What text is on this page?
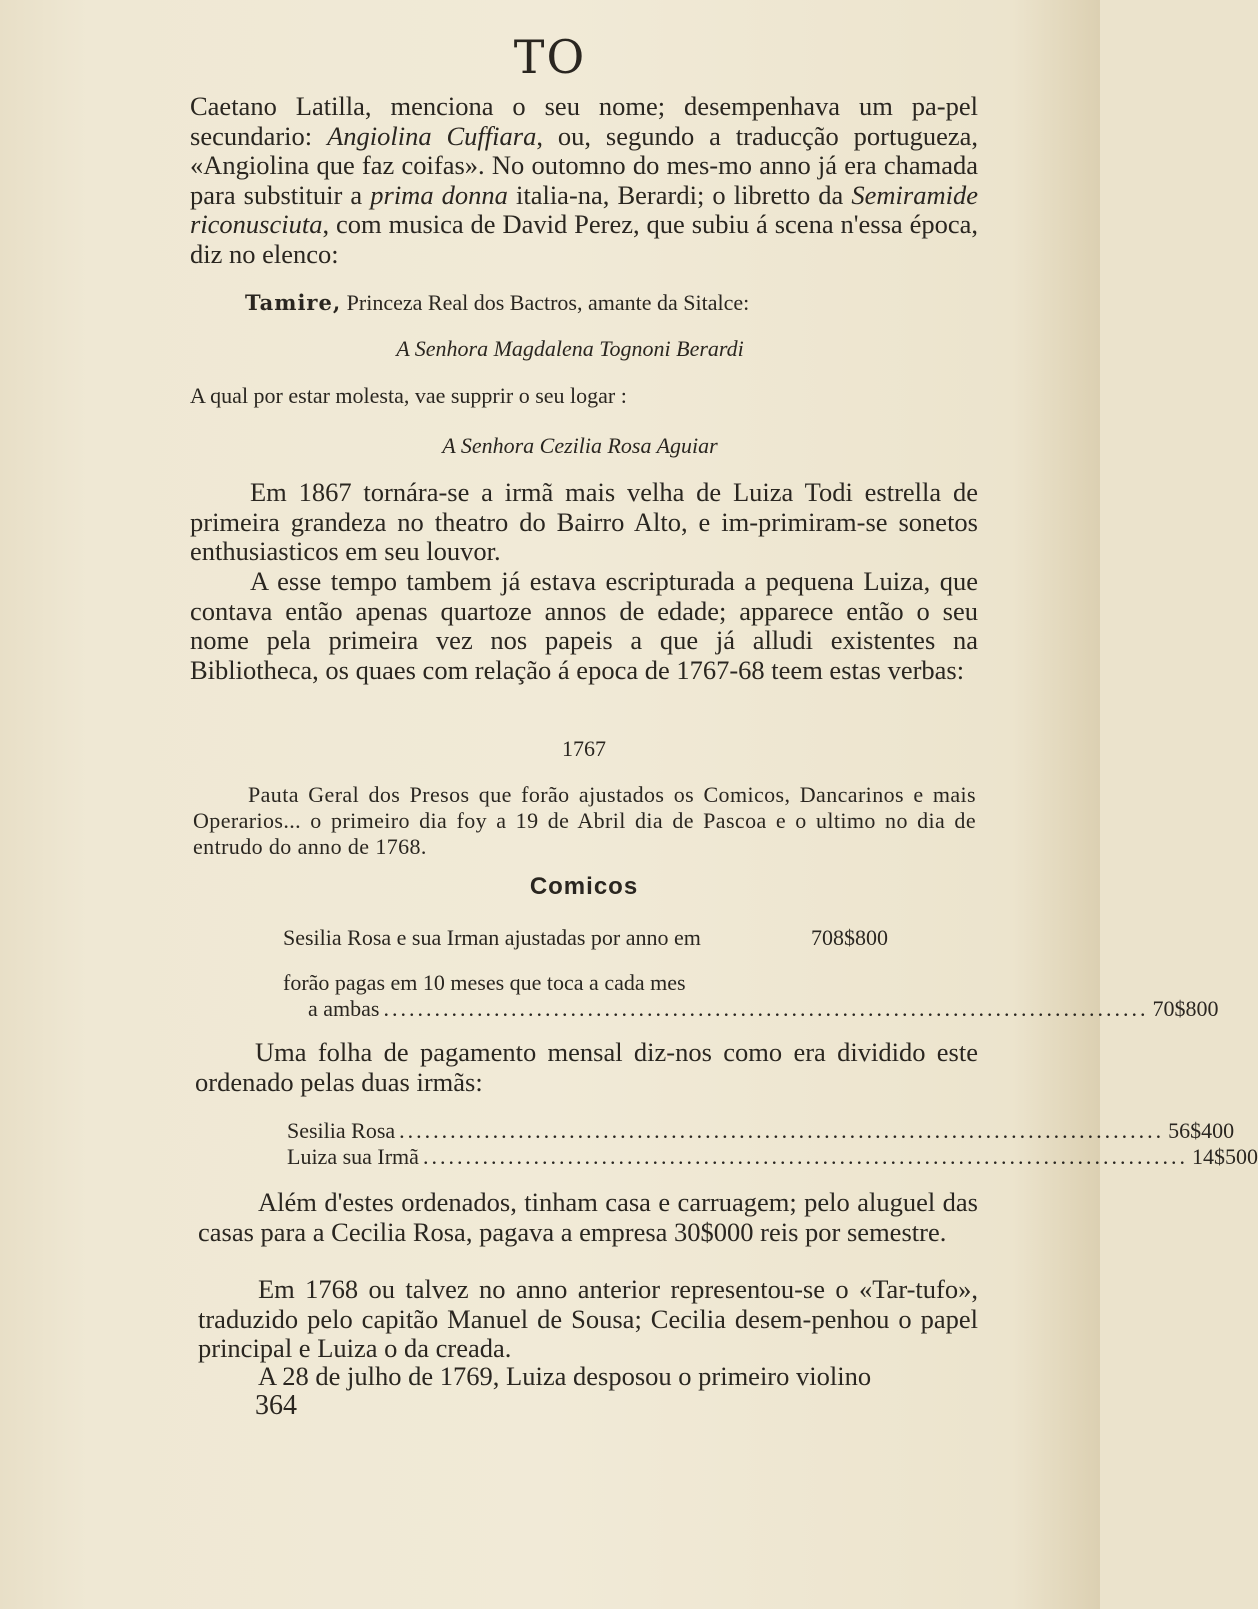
TO

Caetano Latilla, menciona o seu nome; desempenhava um pa-pel secundario: Angiolina Cuffiara, ou, segundo a traducção portugueza, «Angiolina que faz coifas». No outomno do mes-mo anno já era chamada para substituir a prima donna italia-na, Berardi; o libretto da Semiramide riconusciuta, com musica de David Perez, que subiu á scena n'essa época, diz no elenco:

Tamire, Princeza Real dos Bactros, amante da Sitalce:
A Senhora Magdalena Tognoni Berardi
A qual por estar molesta, vae supprir o seu logar :
A Senhora Cezilia Rosa Aguiar
Em 1867 tornára-se a irmã mais velha de Luiza Todi estrella de primeira grandeza no theatro do Bairro Alto, e im-primiram-se sonetos enthusiasticos em seu louvor.
A esse tempo tambem já estava escripturada a pequena Luiza, que contava então apenas quartoze annos de edade; apparece então o seu nome pela primeira vez nos papeis a que já alludi existentes na Bibliotheca, os quaes com relação á epoca de 1767-68 teem estas verbas:
1767
Pauta Geral dos Presos que forão ajustados os Comicos, Dancarinos e mais Operarios... o primeiro dia foy a 19 de Abril dia de Pascoa e o ultimo no dia de entrudo do anno de 1768.
Comicos
Sesilia Rosa e sua Irman ajustadas por anno em	708$800
forão pagas em 10 meses que toca a cada mes
a ambas .......................................................................................... 70$800
Uma folha de pagamento mensal diz-nos como era dividido este ordenado pelas duas irmãs:
Sesilia Rosa .......................................................................................... 56$400
Luiza sua Irmã .......................................................................................... 14$500
Além d'estes ordenados, tinham casa e carruagem; pelo aluguel das casas para a Cecilia Rosa, pagava a empresa 30$000 reis por semestre.
Em 1768 ou talvez no anno anterior representou-se o «Tar-tufo», traduzido pelo capitão Manuel de Sousa; Cecilia desem-penhou o papel principal e Luiza o da creada.
A 28 de julho de 1769, Luiza desposou o primeiro violino
364
